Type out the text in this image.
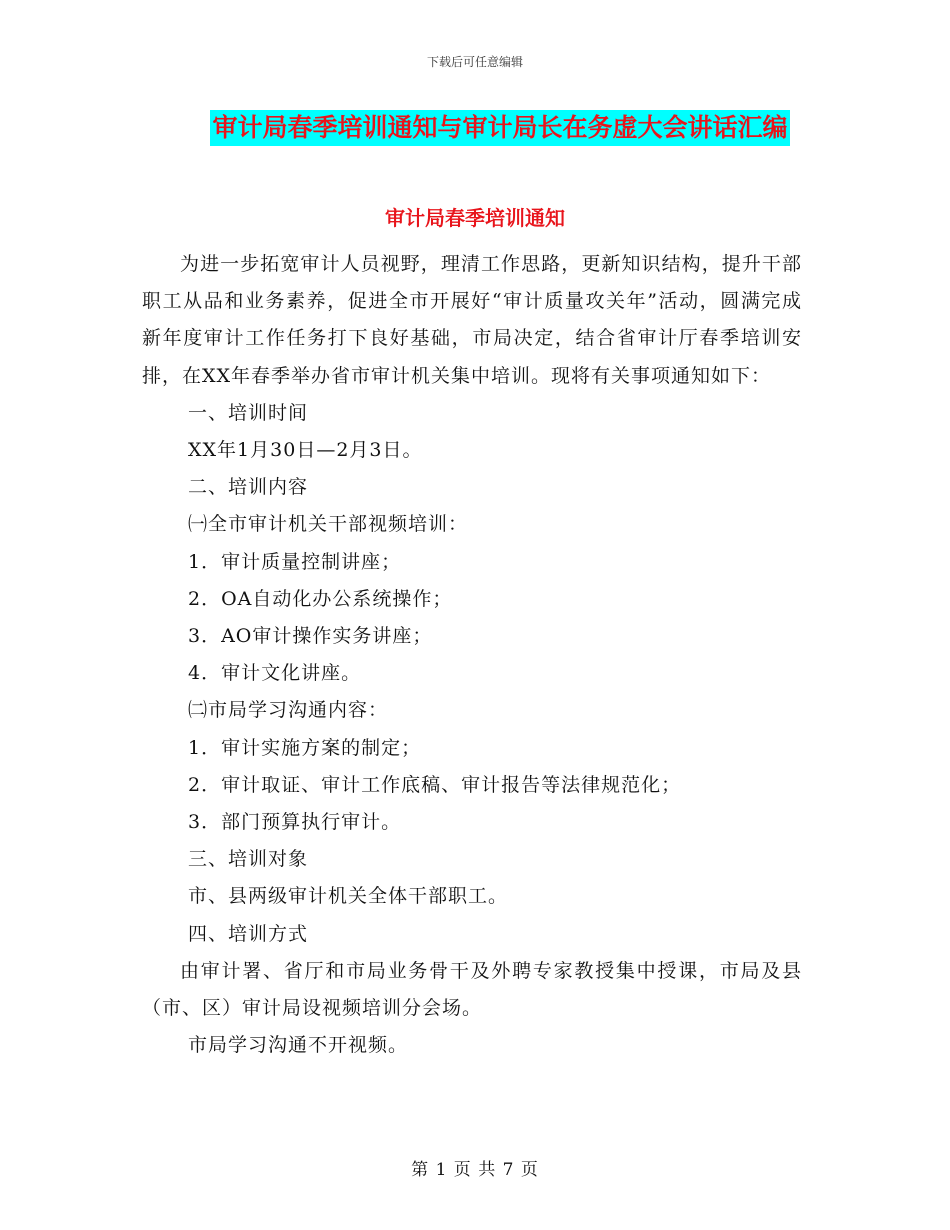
下载后可任意编辑
审计局春季培训通知与审计局长在务虚大会讲话汇编
审计局春季培训通知

为进一步拓宽审计人员视野，理清工作思路，更新知识结构，提升干部职工从品和业务素养，促进全市开展好“审计质量攻关年”活动，圆满完成新年度审计工作任务打下良好基础，市局决定，结合省审计厅春季培训安排，在XX年春季举办省市审计机关集中培训。现将有关事项通知如下：

一、培训时间

XX年1月30日—2月3日。

二、培训内容

㈠全市审计机关干部视频培训：

1．审计质量控制讲座；

2．OA自动化办公系统操作；

3．AO审计操作实务讲座；

4．审计文化讲座。

㈡市局学习沟通内容：

1．审计实施方案的制定；

2．审计取证、审计工作底稿、审计报告等法律规范化；

3．部门预算执行审计。

三、培训对象

市、县两级审计机关全体干部职工。

四、培训方式

由审计署、省厅和市局业务骨干及外聘专家教授集中授课，市局及县（市、区）审计局设视频培训分会场。

市局学习沟通不开视频。

第 1 页 共 7 页
